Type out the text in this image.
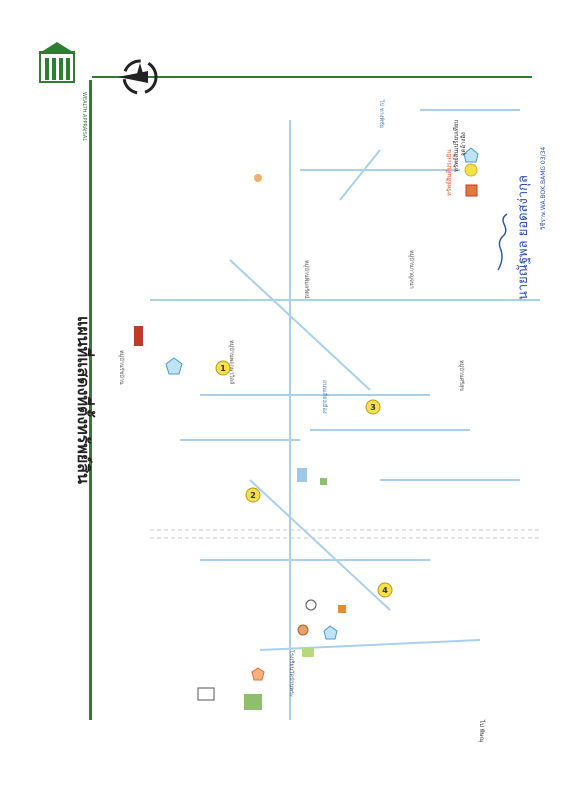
WEALTH APPRAISAL
แผนที่แสดงที่ตั้งทรัพย์สิน
ทรัพย์สินที่ประเมิน
ทรัพย์สินเปรียบเทียบ จุดอ้างอิง
นายณัฐพล ยอดสง่ากุล วิชีราษ.WA.BOK.BAMG 03/34
1
2
3
4
หมู่บ้านรัชบ้าน	หมู่บ้านพฤกษาวิลล์
หมู่บ้านกาญจนา
หมู่บ้านศรีสุข
หมู่บ้านพิมลรัตน์
โรงเรียนวัดบ้านพระ
ไป ทางพิชัย
ถนนเลี่ยงเมือง
ไป พิษณุ
